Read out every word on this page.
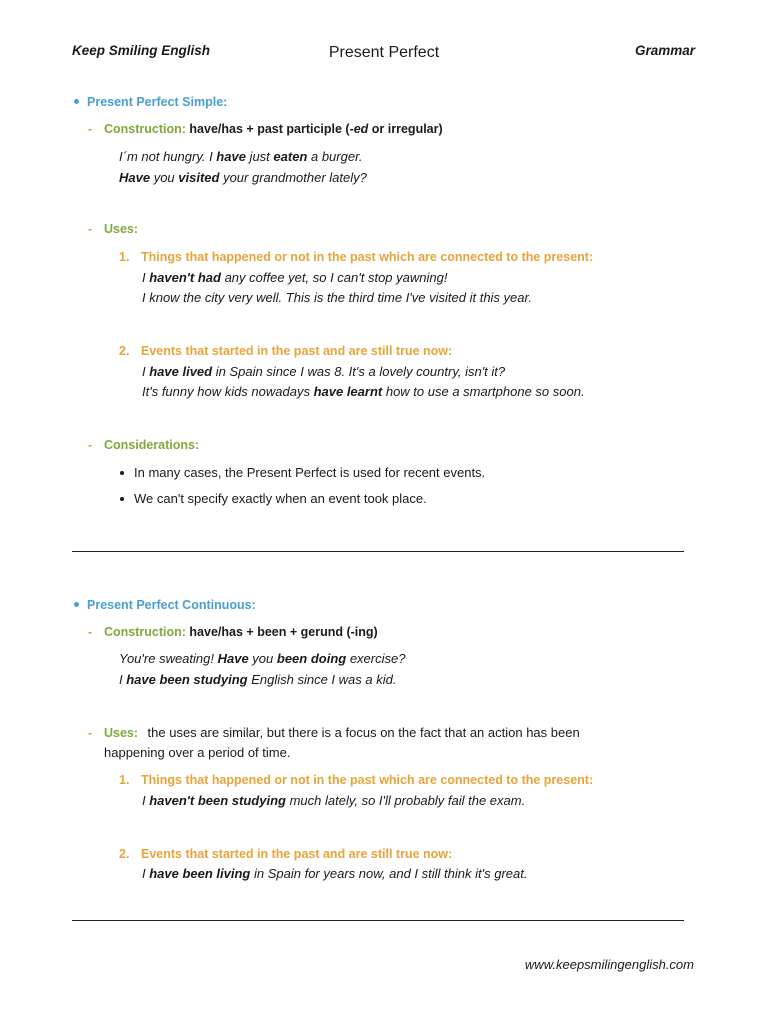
Keep Smiling English	Present Perfect	Grammar
Present Perfect Simple:
- Construction: have/has + past participle (-ed or irregular)
I´m not hungry. I have just eaten a burger.
Have you visited your grandmother lately?
- Uses:
1. Things that happened or not in the past which are connected to the present:
I haven't had any coffee yet, so I can't stop yawning!
I know the city very well. This is the third time I've visited it this year.
2. Events that started in the past and are still true now:
I have lived in Spain since I was 8. It's a lovely country, isn't it?
It's funny how kids nowadays have learnt how to use a smartphone so soon.
- Considerations:
In many cases, the Present Perfect is used for recent events.
We can't specify exactly when an event took place.
Present Perfect Continuous:
- Construction: have/has + been + gerund (-ing)
You're sweating! Have you been doing exercise?
I have been studying English since I was a kid.
- Uses: the uses are similar, but there is a focus on the fact that an action has been
happening over a period of time.
1. Things that happened or not in the past which are connected to the present:
I haven't been studying much lately, so I'll probably fail the exam.
2. Events that started in the past and are still true now:
I have been living in Spain for years now, and I still think it's great.
www.keepsmilingenglish.com
